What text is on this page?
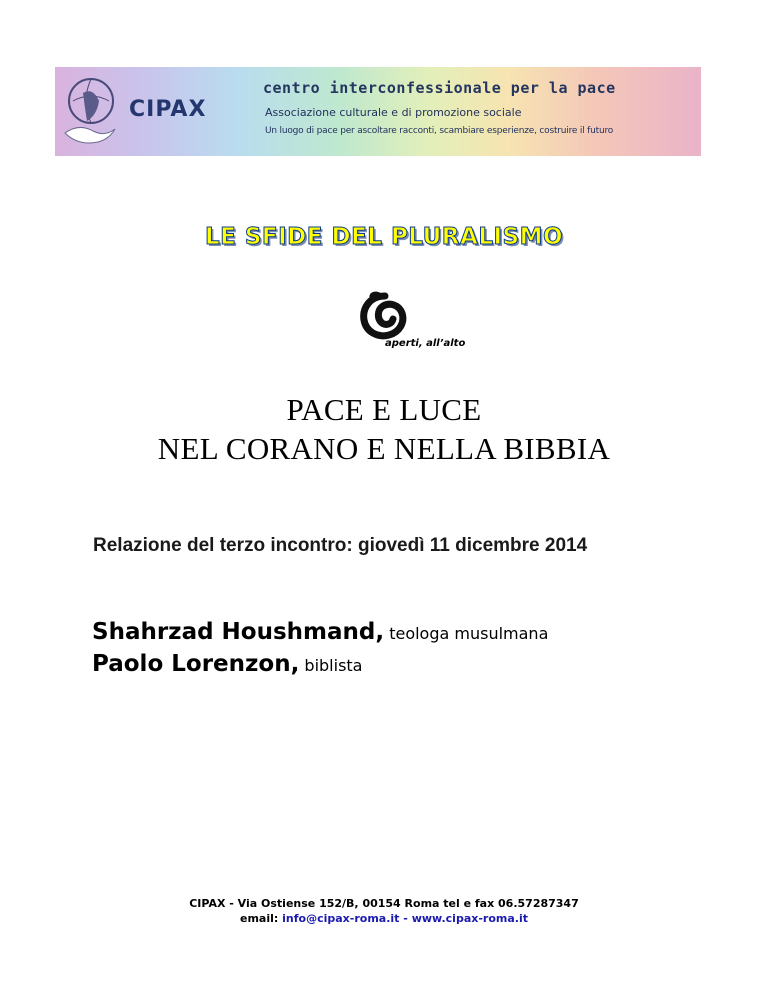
CIPAX
centro interconfessionale per la pace
Associazione culturale e di promozione sociale
Un luogo di pace per ascoltare racconti, scambiare esperienze, costruire il futuro
LE SFIDE DEL PLURALISMO
aperti, all’alto
PACE E LUCE
NEL CORANO E NELLA BIBBIA
Relazione del terzo incontro: giovedì 11 dicembre 2014
Shahrzad Houshmand, teologa musulmana
Paolo Lorenzon, biblista
CIPAX - Via Ostiense 152/B, 00154 Roma tel e fax 06.57287347
email: info@cipax-roma.it - www.cipax-roma.it
